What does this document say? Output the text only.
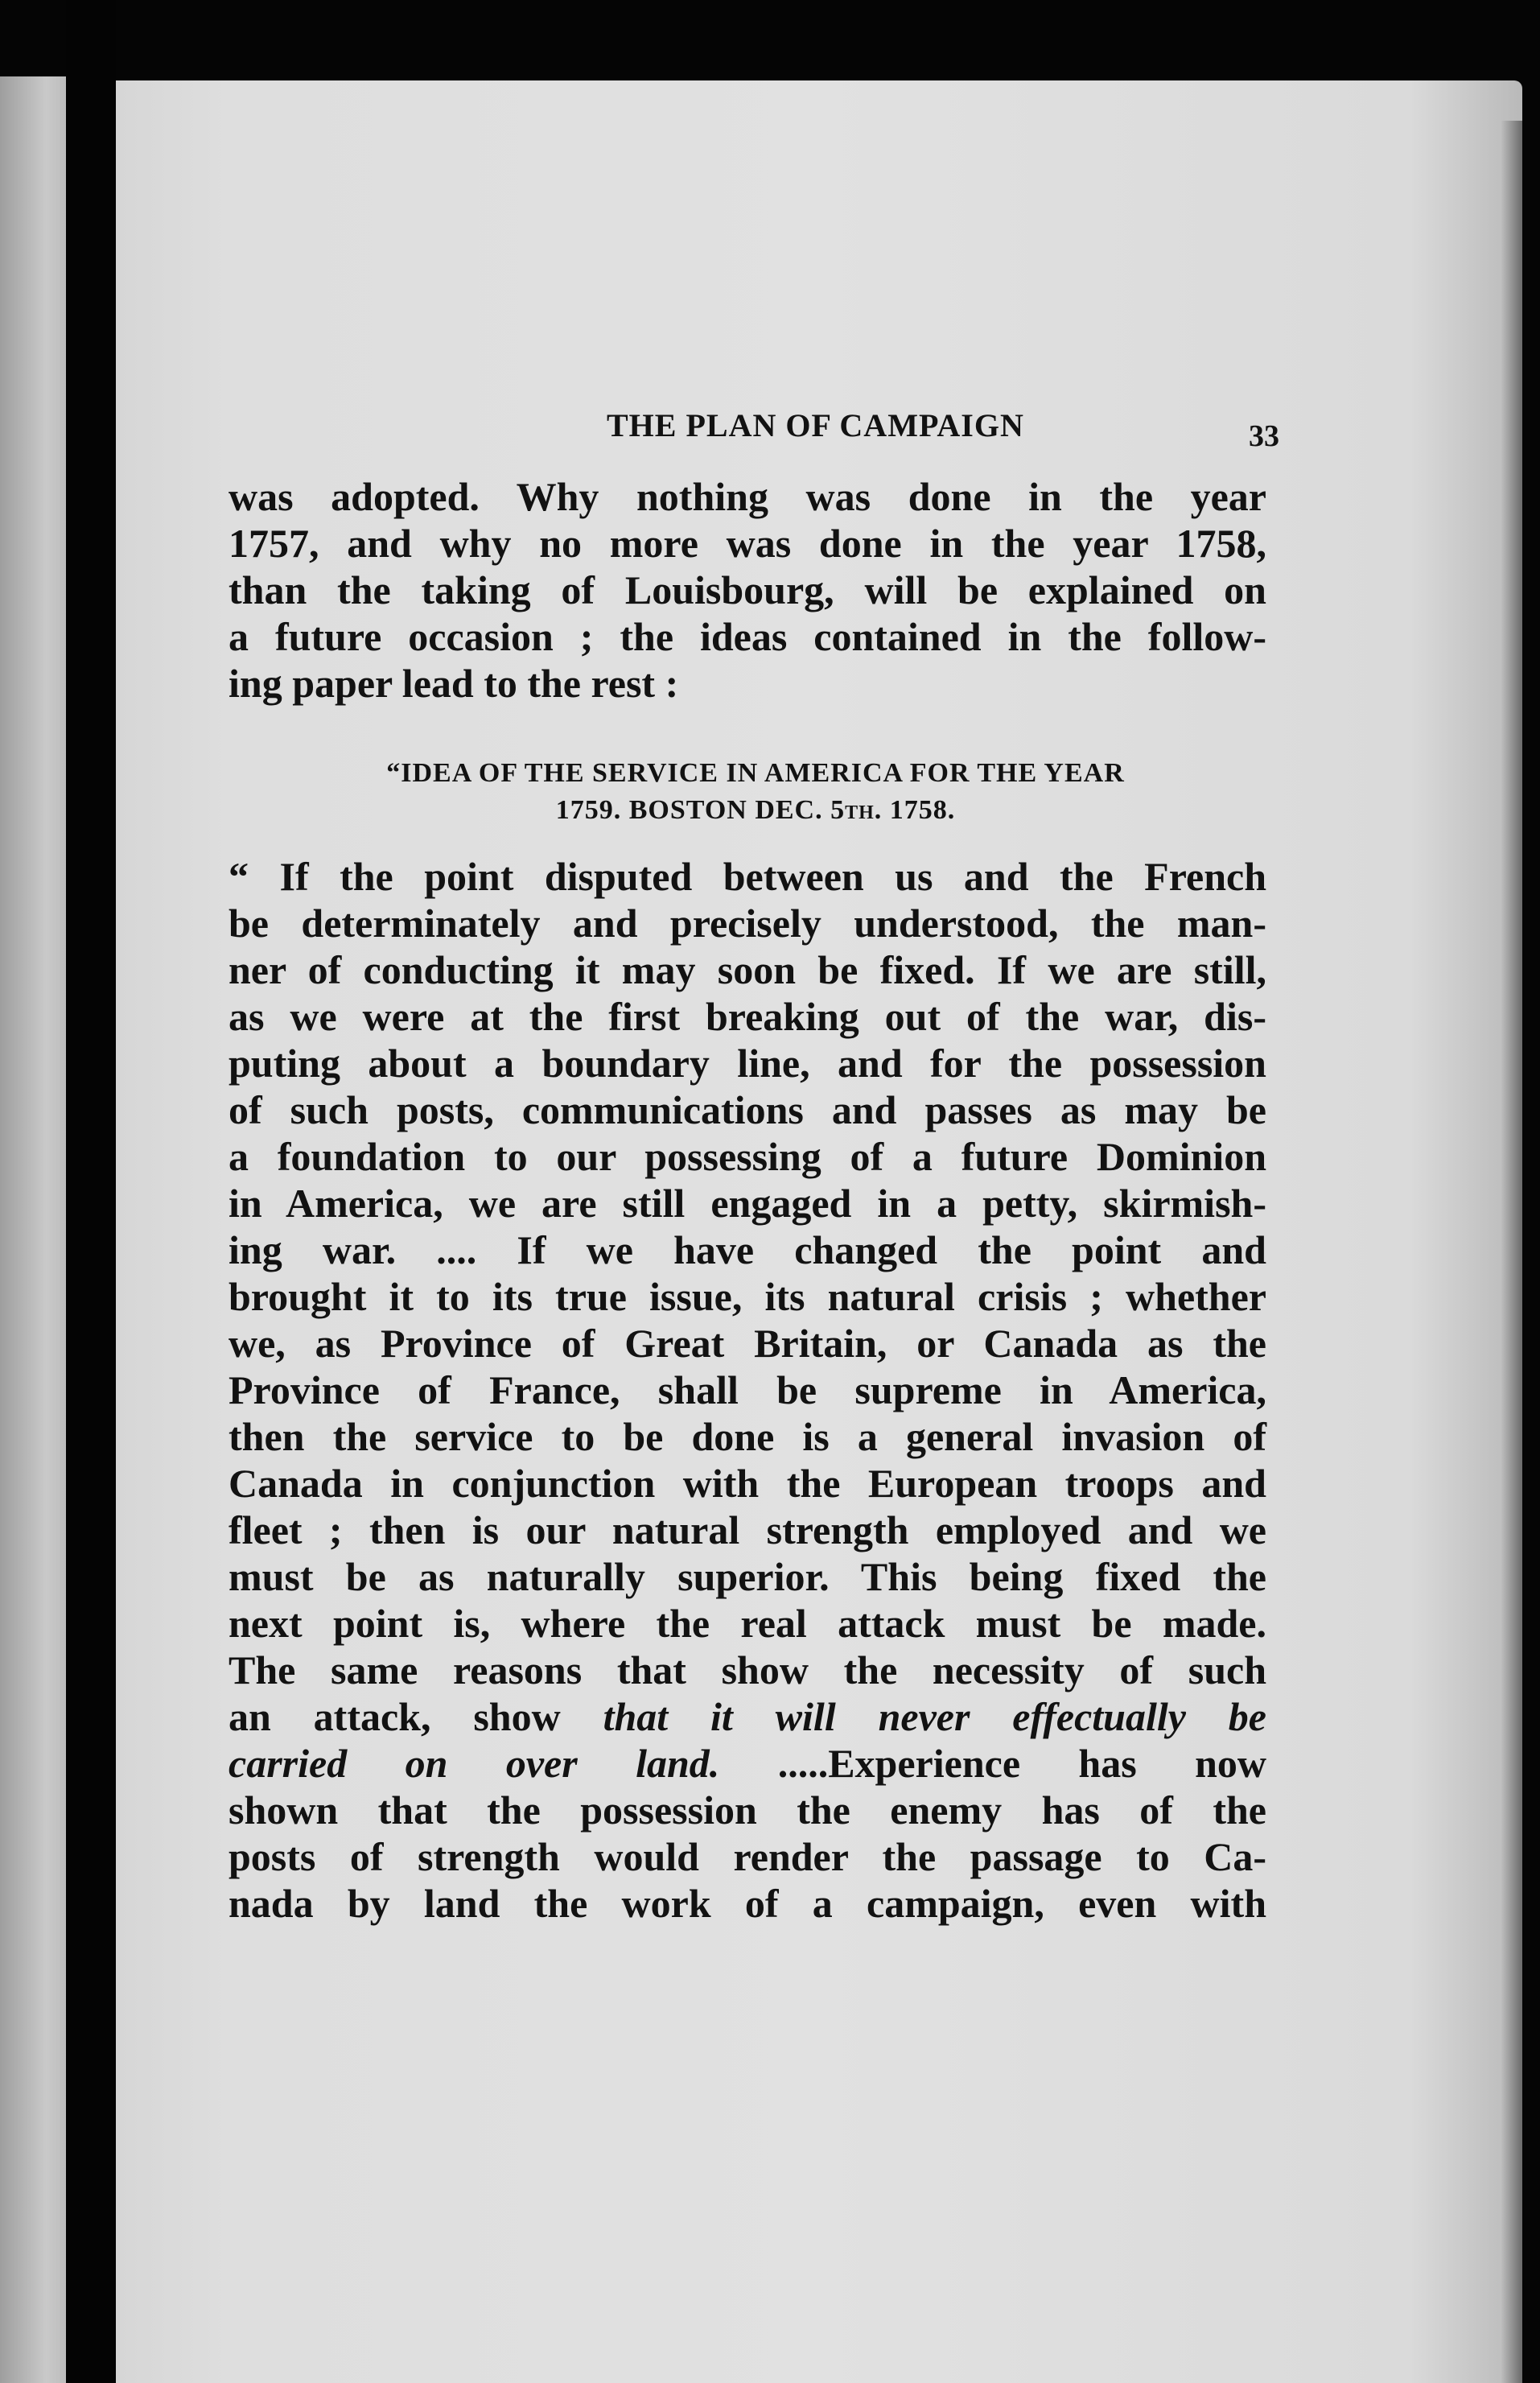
THE PLAN OF CAMPAIGN	33
was adopted. Why nothing was done in the year
1757, and why no more was done in the year 1758,
than the taking of Louisbourg, will be explained on
a future occasion ; the ideas contained in the follow-
ing paper lead to the rest :
“IDEA OF THE SERVICE IN AMERICA FOR THE YEAR
1759. BOSTON DEC. 5th. 1758.
“ If the point disputed between us and the French
be determinately and precisely understood, the man-
ner of conducting it may soon be fixed. If we are still,
as we were at the first breaking out of the war, dis-
puting about a boundary line, and for the possession
of such posts, communications and passes as may be
a foundation to our possessing of a future Dominion
in America, we are still engaged in a petty, skirmish-
ing war. .... If we have changed the point and
brought it to its true issue, its natural crisis ; whether
we, as Province of Great Britain, or Canada as the
Province of France, shall be supreme in America,
then the service to be done is a general invasion of
Canada in conjunction with the European troops and
fleet ; then is our natural strength employed and we
must be as naturally superior. This being fixed the
next point is, where the real attack must be made.
The same reasons that show the necessity of such
an attack, show that it will never effectually be
carried on over land. .....Experience has now
shown that the possession the enemy has of the
posts of strength would render the passage to Ca-
nada by land the work of a campaign, even with
